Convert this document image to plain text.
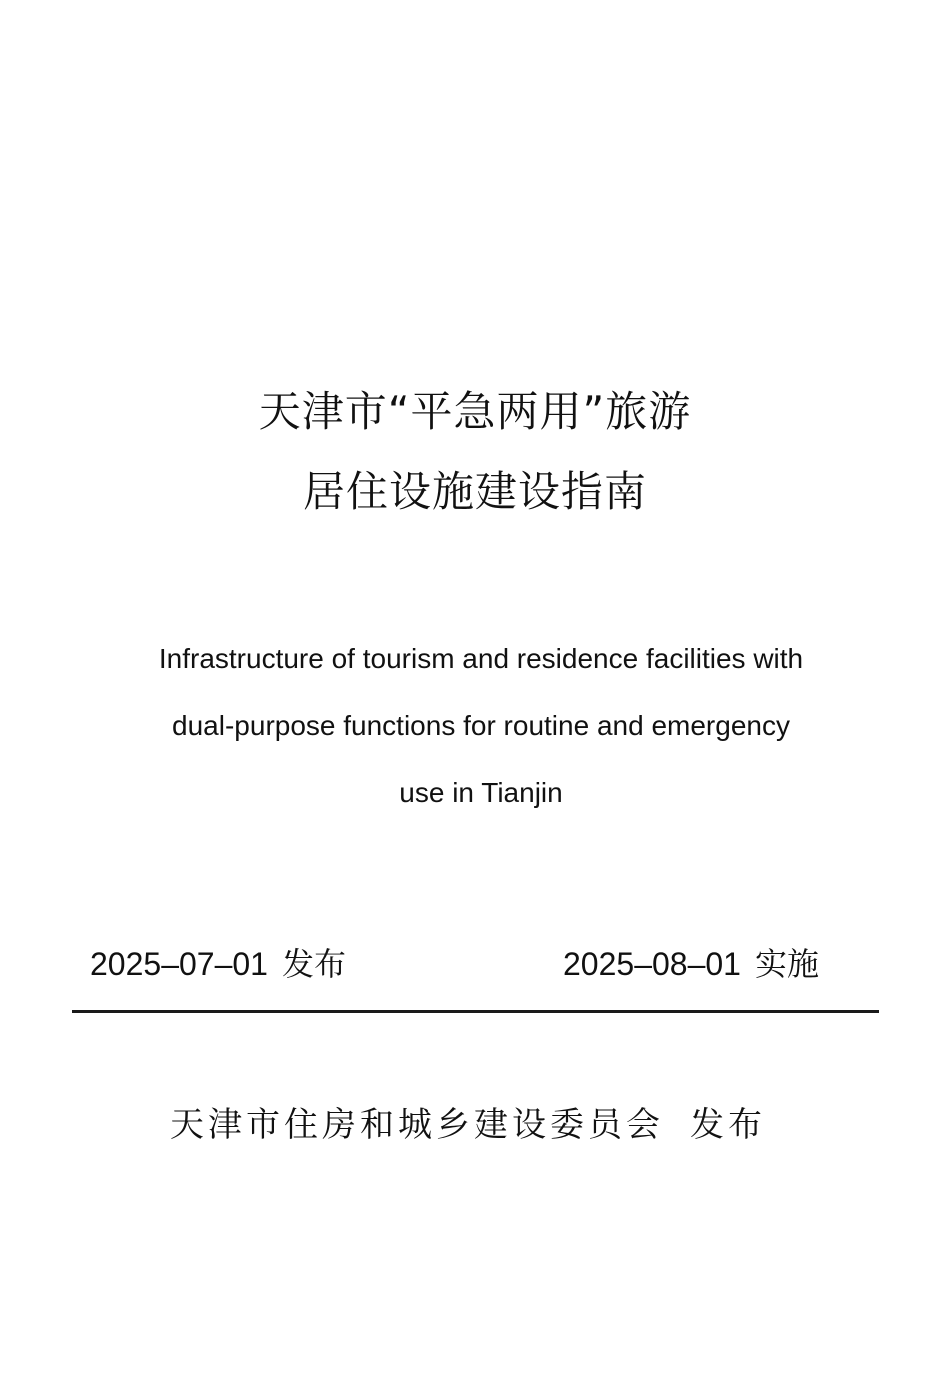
天津市“平急两用”旅游
居住设施建设指南
Infrastructure of tourism and residence facilities with
dual-purpose functions for routine and emergency
use in Tianjin
2025–07–01 发布	2025–08–01 实施
天津市住房和城乡建设委员会 发布
